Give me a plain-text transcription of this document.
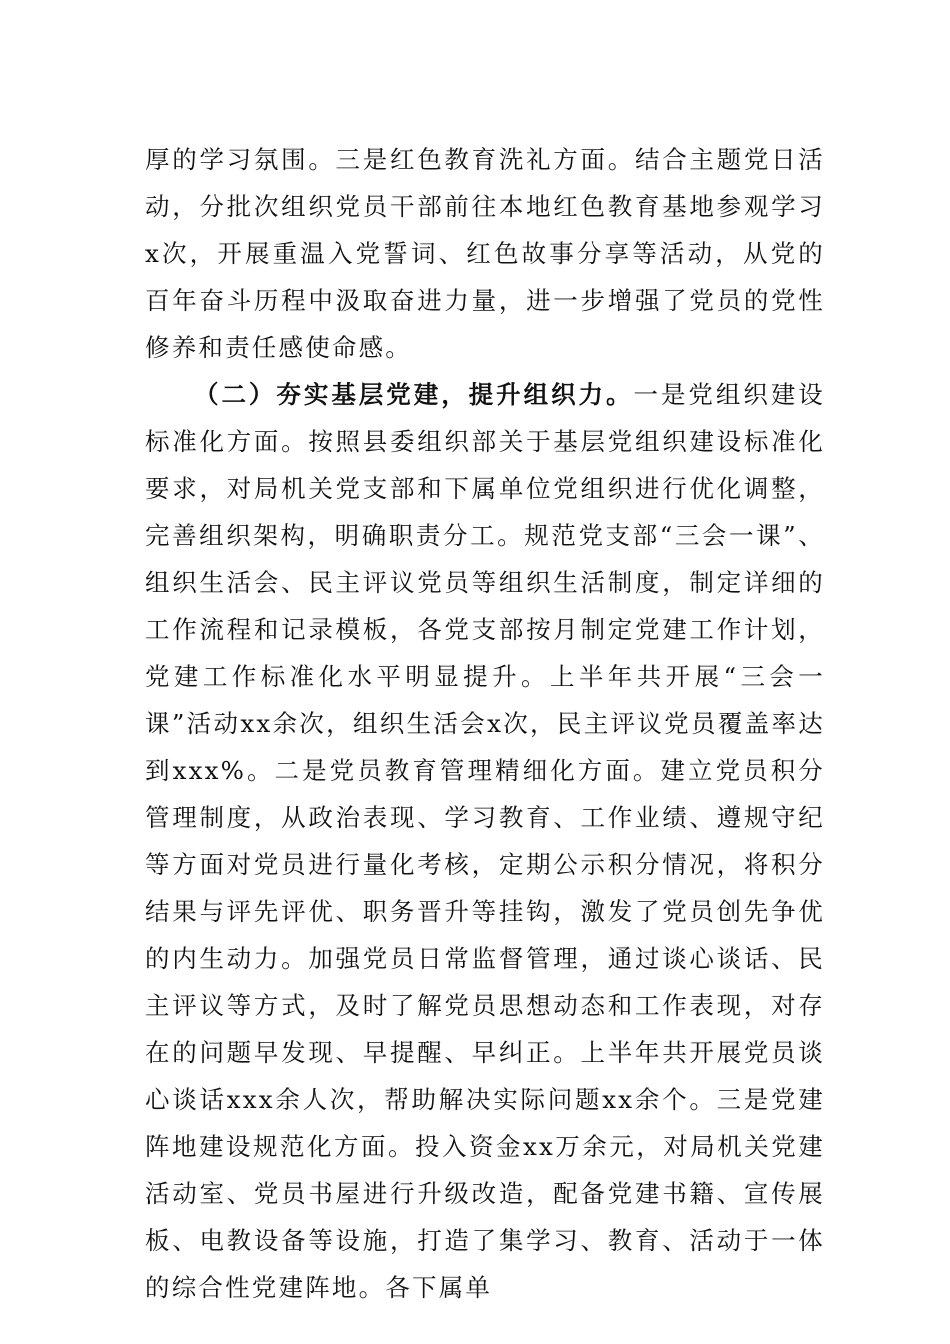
厚的学习氛围。三是红色教育洗礼方面。结合主题党日活动，分批次组织党员干部前往本地红色教育基地参观学习x次，开展重温入党誓词、红色故事分享等活动，从党的百年奋斗历程中汲取奋进力量，进一步增强了党员的党性修养和责任感使命感。

（二）夯实基层党建，提升组织力。一是党组织建设标准化方面。按照县委组织部关于基层党组织建设标准化要求，对局机关党支部和下属单位党组织进行优化调整，完善组织架构，明确职责分工。规范党支部“三会一课”、组织生活会、民主评议党员等组织生活制度，制定详细的工作流程和记录模板，各党支部按月制定党建工作计划，党建工作标准化水平明显提升。上半年共开展“三会一课”活动xx余次，组织生活会x次，民主评议党员覆盖率达到xxx%。二是党员教育管理精细化方面。建立党员积分管理制度，从政治表现、学习教育、工作业绩、遵规守纪等方面对党员进行量化考核，定期公示积分情况，将积分结果与评先评优、职务晋升等挂钩，激发了党员创先争优的内生动力。加强党员日常监督管理，通过谈心谈话、民主评议等方式，及时了解党员思想动态和工作表现，对存在的问题早发现、早提醒、早纠正。上半年共开展党员谈心谈话xxx余人次，帮助解决实际问题xx余个。三是党建阵地建设规范化方面。投入资金xx万余元，对局机关党建活动室、党员书屋进行升级改造，配备党建书籍、宣传展板、电教设备等设施，打造了集学习、教育、活动于一体的综合性党建阵地。各下属单
